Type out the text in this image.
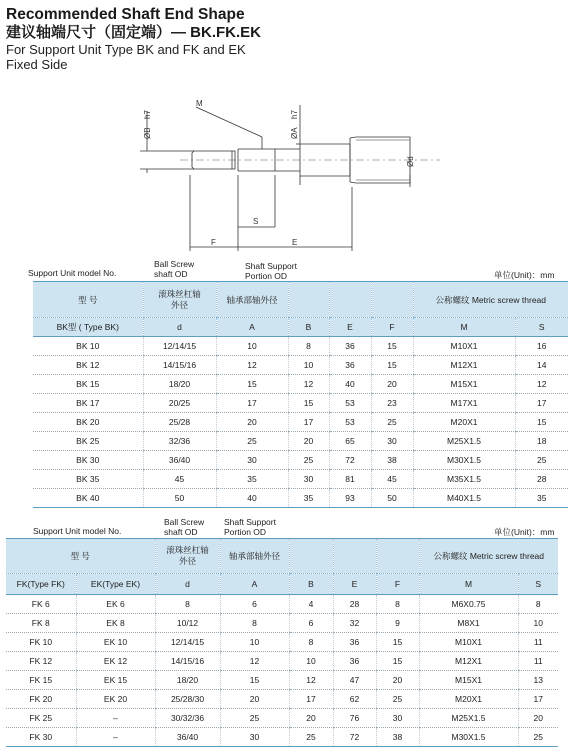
Recommended Shaft End Shape
建议轴端尺寸（固定端）— BK.FK.EK
For Support Unit Type BK and FK and EK
Fixed Side
h7
ØB
M
h7
ØA
Ød
S
F	E
Support Unit model No.
Ball Screw shaft OD
Shaft Support Portion OD	单位(Unit)：mm
型 号	滚珠丝杠轴外径	轴承部轴外径				公称螺纹 Metric screw thread	
BK型 ( Type BK)	d	A	B	E	F	M	S
BK 10	12/14/15	10	8	36	15	M10X1	16
BK 12	14/15/16	12	10	36	15	M12X1	14
BK 15	18/20	15	12	40	20	M15X1	12
BK 17	20/25	17	15	53	23	M17X1	17
BK 20	25/28	20	17	53	25	M20X1	15
BK 25	32/36	25	20	65	30	M25X1.5	18
BK 30	36/40	30	25	72	38	M30X1.5	25
BK 35	45	35	30	81	45	M35X1.5	28
BK 40	50	40	35	93	50	M40X1.5	35
Support Unit model No.
Ball Screw shaft OD
Shaft Support Portion OD	单位(Unit)：mm
型 号		滚珠丝杠轴外径	轴承部轴外径				公称螺纹 Metric screw thread	
FK(Type FK)	EK(Type EK)	d	A	B	E	F	M	S
FK 6	EK 6	8	6	4	28	8	M6X0.75	8
FK 8	EK 8	10/12	8	6	32	9	M8X1	10
FK 10	EK 10	12/14/15	10	8	36	15	M10X1	11
FK 12	EK 12	14/15/16	12	10	36	15	M12X1	11
FK 15	EK 15	18/20	15	12	47	20	M15X1	13
FK 20	EK 20	25/28/30	20	17	62	25	M20X1	17
FK 25	–	30/32/36	25	20	76	30	M25X1.5	20
FK 30	–	36/40	30	25	72	38	M30X1.5	25
